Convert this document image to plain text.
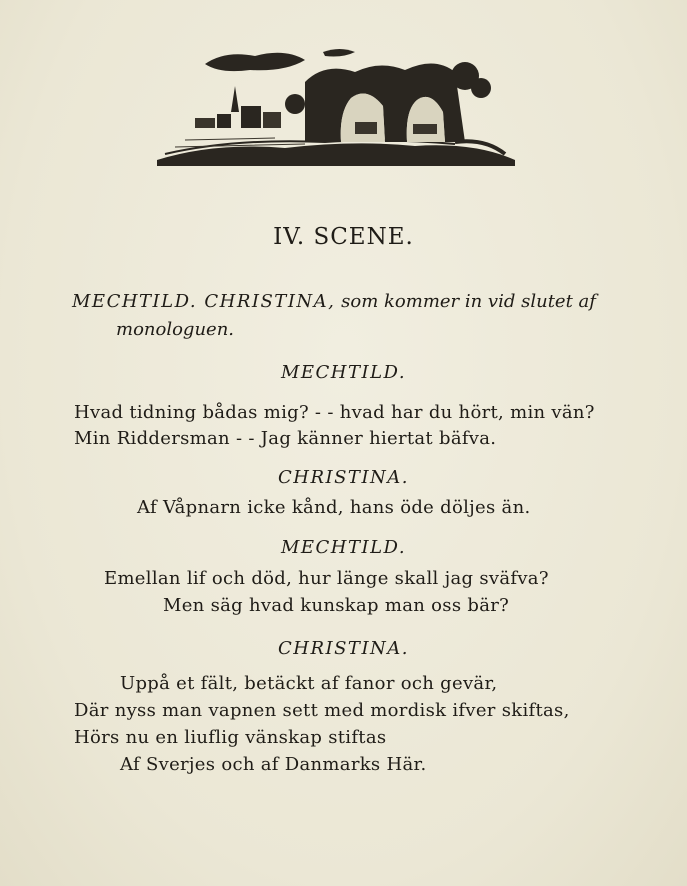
IV. SCENE.
MECHTILD. CHRISTINA, som kommer in vid slutet af
monologuen.
MECHTILD.
Hvad tidning bådas mig? - - hvad har du hört, min vän?
Min Riddersman - - Jag känner hiertat bäfva.
CHRISTINA.
Af Våpnarn icke kånd, hans öde döljes än.
MECHTILD.
Emellan lif och död, hur länge skall jag sväfva?
Men säg hvad kunskap man oss bär?
CHRISTINA.
Uppå et fält, betäckt af fanor och gevär,
Där nyss man vapnen sett med mordisk ifver skiftas,
Hörs nu en liuflig vänskap stiftas
Af Sverjes och af Danmarks Här.
